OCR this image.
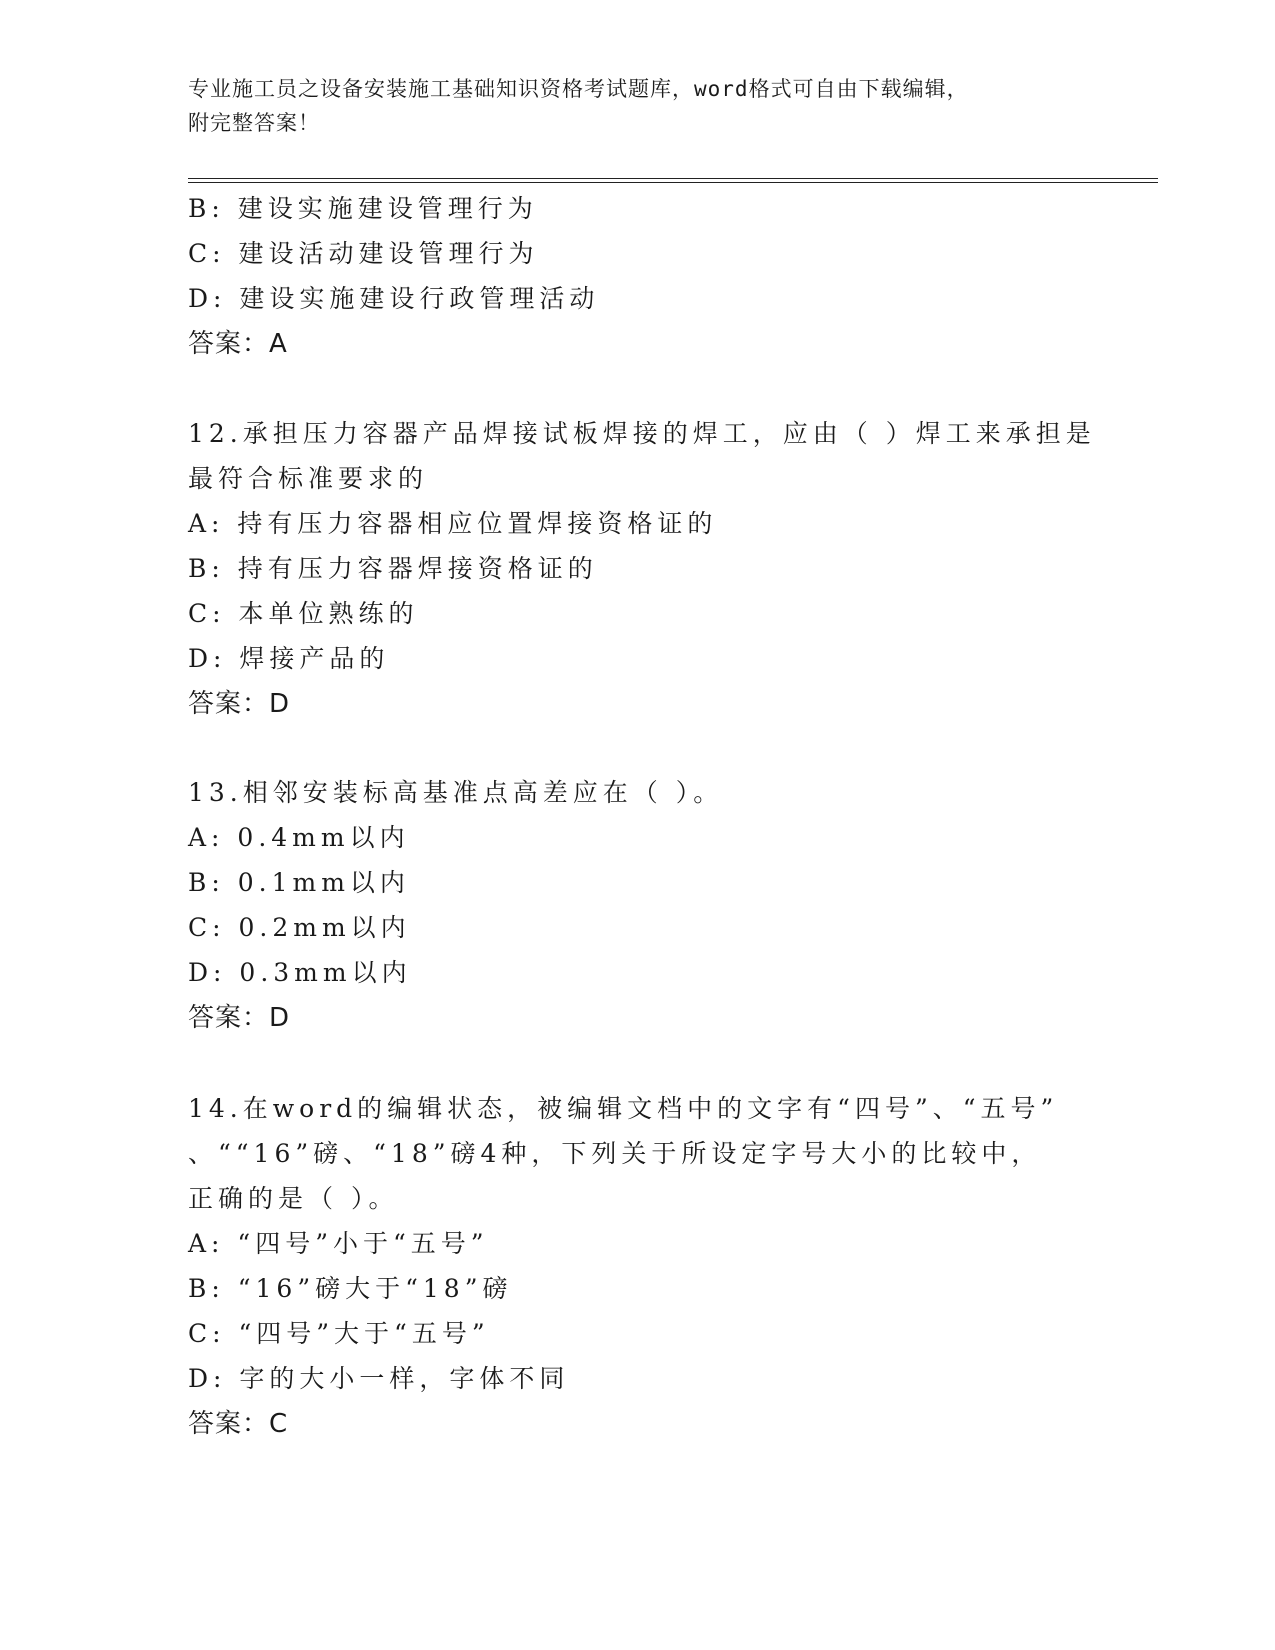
专业施工员之设备安装施工基础知识资格考试题库，word格式可自由下载编辑，
附完整答案！
B: 建设实施建设管理行为
C: 建设活动建设管理行为
D: 建设实施建设行政管理活动
答案：A
12.承担压力容器产品焊接试板焊接的焊工，应由（ ）焊工来承担是
最符合标准要求的
A: 持有压力容器相应位置焊接资格证的
B: 持有压力容器焊接资格证的
C: 本单位熟练的
D: 焊接产品的
答案：D
13.相邻安装标高基准点高差应在（ ）。
A: 0.4mm以内
B: 0.1mm以内
C: 0.2mm以内
D: 0.3mm以内
答案：D
14.在word的编辑状态，被编辑文档中的文字有“四号”、“五号”
、““16”磅、“18”磅4种，下列关于所设定字号大小的比较中，
正确的是（ ）。
A: “四号”小于“五号”
B: “16”磅大于“18”磅
C: “四号”大于“五号”
D: 字的大小一样，字体不同
答案：C
